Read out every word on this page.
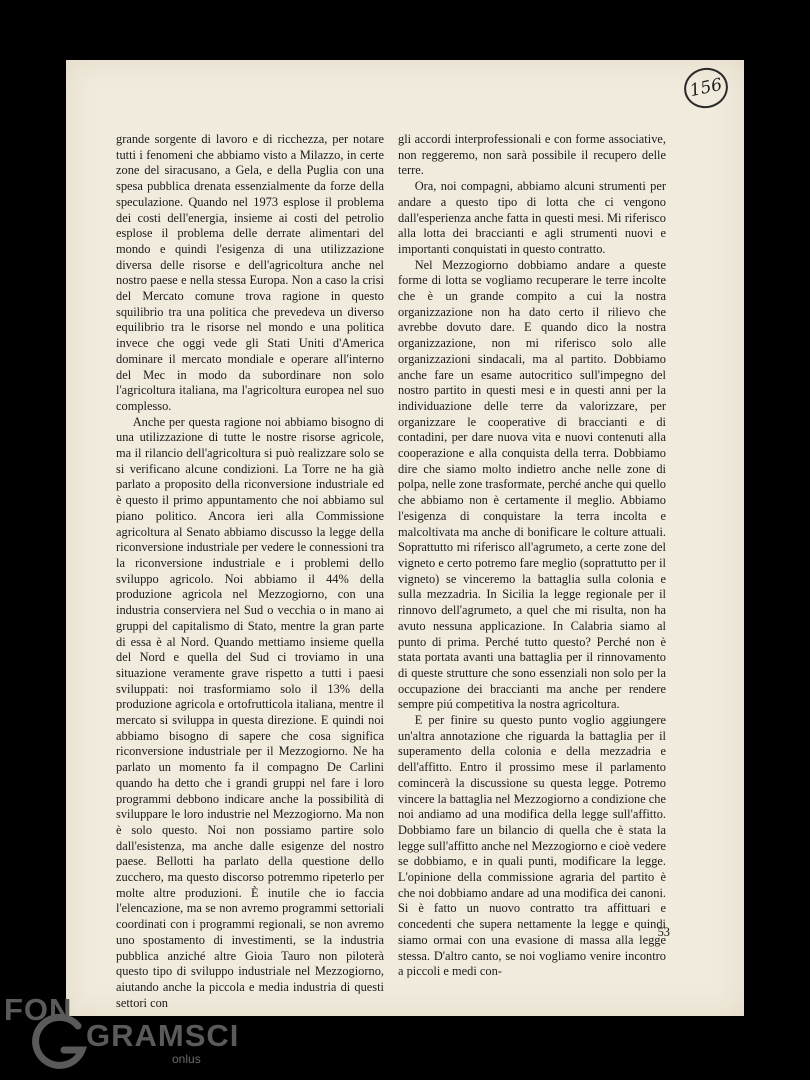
156

grande sorgente di lavoro e di ricchezza, per notare tutti i fenomeni che abbiamo visto a Milazzo, in certe zone del siracusano, a Gela, e della Puglia con una spesa pubblica drenata essenzialmente da forze della speculazione. Quando nel 1973 esplose il problema dei costi dell'energia, insieme ai costi del petrolio esplose il problema delle derrate alimentari del mondo e quindi l'esigenza di una utilizzazione diversa delle risorse e dell'agricoltura anche nel nostro paese e nella stessa Europa. Non a caso la crisi del Mercato comune trova ragione in questo squilibrio tra una politica che prevedeva un diverso equilibrio tra le risorse nel mondo e una politica invece che oggi vede gli Stati Uniti d'America dominare il mercato mondiale e operare all'interno del Mec in modo da subordinare non solo l'agricoltura italiana, ma l'agricoltura europea nel suo complesso.

Anche per questa ragione noi abbiamo bisogno di una utilizzazione di tutte le nostre risorse agricole, ma il rilancio dell'agricoltura si può realizzare solo se si verificano alcune condizioni. La Torre ne ha già parlato a proposito della riconversione industriale ed è questo il primo appuntamento che noi abbiamo sul piano politico. Ancora ieri alla Commissione agricoltura al Senato abbiamo discusso la legge della riconversione industriale per vedere le connessioni tra la riconversione industriale e i problemi dello sviluppo agricolo. Noi abbiamo il 44% della produzione agricola nel Mezzogiorno, con una industria conserviera nel Sud o vecchia o in mano ai gruppi del capitalismo di Stato, mentre la gran parte di essa è al Nord. Quando mettiamo insieme quella del Nord e quella del Sud ci troviamo in una situazione veramente grave rispetto a tutti i paesi sviluppati: noi trasformiamo solo il 13% della produzione agricola e ortofrutticola italiana, mentre il mercato si sviluppa in questa direzione. E quindi noi abbiamo bisogno di sapere che cosa significa riconversione industriale per il Mezzogiorno. Ne ha parlato un momento fa il compagno De Carlini quando ha detto che i grandi gruppi nel fare i loro programmi debbono indicare anche la possibilità di sviluppare le loro industrie nel Mezzogiorno. Ma non è solo questo. Noi non possiamo partire solo dall'esistenza, ma anche dalle esigenze del nostro paese. Bellotti ha parlato della questione dello zucchero, ma questo discorso potremmo ripeterlo per molte altre produzioni. È inutile che io faccia l'elencazione, ma se non avremo programmi settoriali coordinati con i programmi regionali, se non avremo uno spostamento di investimenti, se la industria pubblica anziché altre Gioia Tauro non piloterà questo tipo di sviluppo industriale nel Mezzogiorno, aiutando anche la piccola e media industria di questi settori con

gli accordi interprofessionali e con forme associative, non reggeremo, non sarà possibile il recupero delle terre.

Ora, noi compagni, abbiamo alcuni strumenti per andare a questo tipo di lotta che ci vengono dall'esperienza anche fatta in questi mesi. Mi riferisco alla lotta dei braccianti e agli strumenti nuovi e importanti conquistati in questo contratto.

Nel Mezzogiorno dobbiamo andare a queste forme di lotta se vogliamo recuperare le terre incolte che è un grande compito a cui la nostra organizzazione non ha dato certo il rilievo che avrebbe dovuto dare. E quando dico la nostra organizzazione, non mi riferisco solo alle organizzazioni sindacali, ma al partito. Dobbiamo anche fare un esame autocritico sull'impegno del nostro partito in questi mesi e in questi anni per la individuazione delle terre da valorizzare, per organizzare le cooperative di braccianti e di contadini, per dare nuova vita e nuovi contenuti alla cooperazione e alla conquista della terra. Dobbiamo dire che siamo molto indietro anche nelle zone di polpa, nelle zone trasformate, perché anche qui quello che abbiamo non è certamente il meglio. Abbiamo l'esigenza di conquistare la terra incolta e malcoltivata ma anche di bonificare le colture attuali. Soprattutto mi riferisco all'agrumeto, a certe zone del vigneto e certo potremo fare meglio (soprattutto per il vigneto) se vinceremo la battaglia sulla colonia e sulla mezzadria. In Sicilia la legge regionale per il rinnovo dell'agrumeto, a quel che mi risulta, non ha avuto nessuna applicazione. In Calabria siamo al punto di prima. Perché tutto questo? Perché non è stata portata avanti una battaglia per il rinnovamento di queste strutture che sono essenziali non solo per la occupazione dei braccianti ma anche per rendere sempre piú competitiva la nostra agricoltura.

E per finire su questo punto voglio aggiungere un'altra annotazione che riguarda la battaglia per il superamento della colonia e della mezzadria e dell'affitto. Entro il prossimo mese il parlamento comincerà la discussione su questa legge. Potremo vincere la battaglia nel Mezzogiorno a condizione che noi andiamo ad una modifica della legge sull'affitto. Dobbiamo fare un bilancio di quella che è stata la legge sull'affitto anche nel Mezzogiorno e cioè vedere se dobbiamo, e in quali punti, modificare la legge. L'opinione della commissione agraria del partito è che noi dobbiamo andare ad una modifica dei canoni. Si è fatto un nuovo contratto tra affittuari e concedenti che supera nettamente la legge e quindi siamo ormai con una evasione di massa alla legge stessa. D'altro canto, se noi vogliamo venire incontro a piccoli e medi con-

53
FON
GRAMSCI
onlus
